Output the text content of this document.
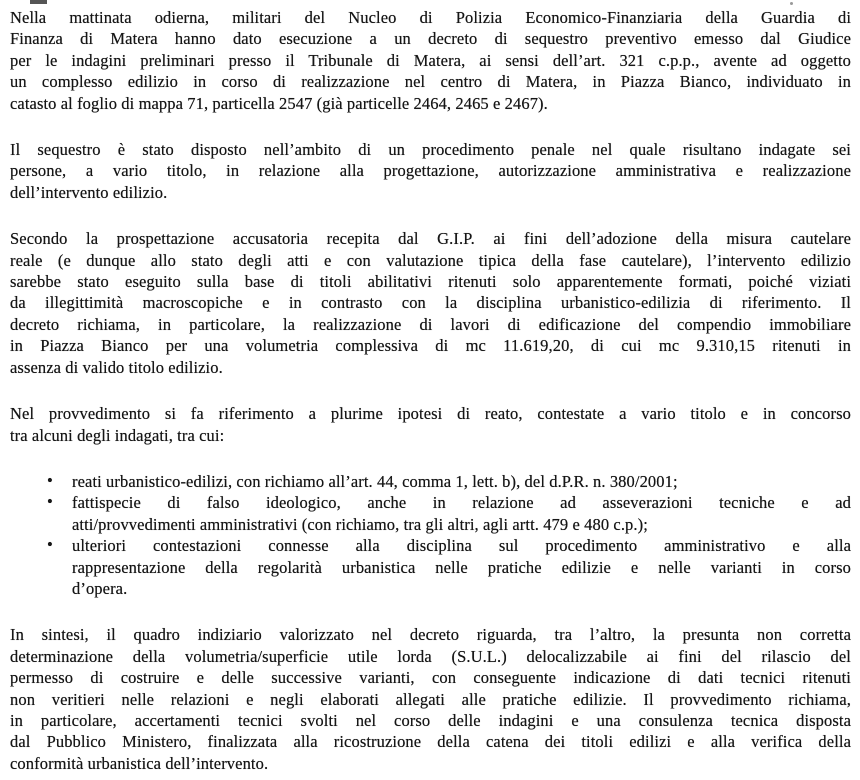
Nella mattinata odierna, militari del Nucleo di Polizia Economico-Finanziaria della Guardia di
Finanza di Matera hanno dato esecuzione a un decreto di sequestro preventivo emesso dal Giudice
per le indagini preliminari presso il Tribunale di Matera, ai sensi dell’art. 321 c.p.p., avente ad oggetto
un complesso edilizio in corso di realizzazione nel centro di Matera, in Piazza Bianco, individuato in
catasto al foglio di mappa 71, particella 2547 (già particelle 2464, 2465 e 2467).

Il sequestro è stato disposto nell’ambito di un procedimento penale nel quale risultano indagate sei
persone, a vario titolo, in relazione alla progettazione, autorizzazione amministrativa e realizzazione
dell’intervento edilizio.

Secondo la prospettazione accusatoria recepita dal G.I.P. ai fini dell’adozione della misura cautelare
reale (e dunque allo stato degli atti e con valutazione tipica della fase cautelare), l’intervento edilizio
sarebbe stato eseguito sulla base di titoli abilitativi ritenuti solo apparentemente formati, poiché viziati
da illegittimità macroscopiche e in contrasto con la disciplina urbanistico-edilizia di riferimento. Il
decreto richiama, in particolare, la realizzazione di lavori di edificazione del compendio immobiliare
in Piazza Bianco per una volumetria complessiva di mc 11.619,20, di cui mc 9.310,15 ritenuti in
assenza di valido titolo edilizio.

Nel provvedimento si fa riferimento a plurime ipotesi di reato, contestate a vario titolo e in concorso
tra alcuni degli indagati, tra cui:

• reati urbanistico-edilizi, con richiamo all’art. 44, comma 1, lett. b), del d.P.R. n. 380/2001;
• fattispecie di falso ideologico, anche in relazione ad asseverazioni tecniche e ad
atti/provvedimenti amministrativi (con richiamo, tra gli altri, agli artt. 479 e 480 c.p.);
• ulteriori contestazioni connesse alla disciplina sul procedimento amministrativo e alla
rappresentazione della regolarità urbanistica nelle pratiche edilizie e nelle varianti in corso
d’opera.

In sintesi, il quadro indiziario valorizzato nel decreto riguarda, tra l’altro, la presunta non corretta
determinazione della volumetria/superficie utile lorda (S.U.L.) delocalizzabile ai fini del rilascio del
permesso di costruire e delle successive varianti, con conseguente indicazione di dati tecnici ritenuti
non veritieri nelle relazioni e negli elaborati allegati alle pratiche edilizie. Il provvedimento richiama,
in particolare, accertamenti tecnici svolti nel corso delle indagini e una consulenza tecnica disposta
dal Pubblico Ministero, finalizzata alla ricostruzione della catena dei titoli edilizi e alla verifica della
conformità urbanistica dell’intervento.
